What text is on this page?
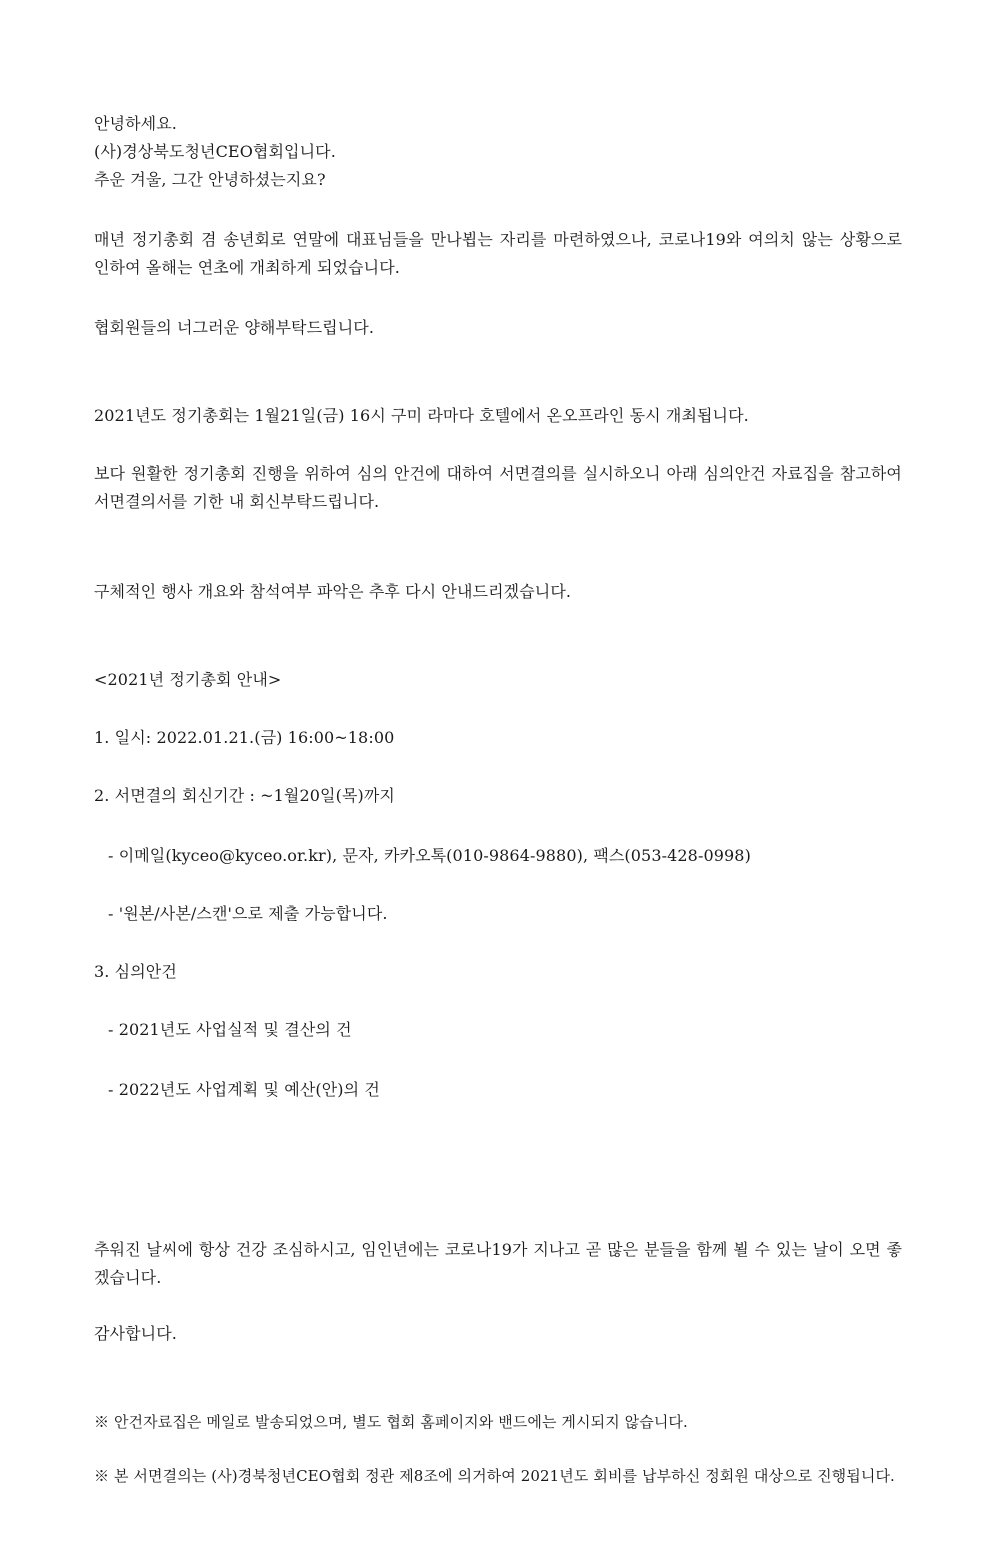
안녕하세요.
(사)경상북도청년CEO협회입니다.
추운 겨울, 그간 안녕하셨는지요?
매년 정기총회 겸 송년회로 연말에 대표님들을 만나뵙는 자리를 마련하였으나, 코로나19와 여의치 않는 상황으로 인하여 올해는 연초에 개최하게 되었습니다.
협회원들의 너그러운 양해부탁드립니다.
2021년도 정기총회는 1월21일(금) 16시 구미 라마다 호텔에서 온오프라인 동시 개최됩니다.
보다 원활한 정기총회 진행을 위하여 심의 안건에 대하여 서면결의를 실시하오니 아래 심의안건 자료집을 참고하여 서면결의서를 기한 내 회신부탁드립니다.
구체적인 행사 개요와 참석여부 파악은 추후 다시 안내드리겠습니다.
<2021년 정기총회 안내>
1. 일시: 2022.01.21.(금) 16:00~18:00
2. 서면결의 회신기간 : ~1월20일(목)까지
- 이메일(kyceo@kyceo.or.kr), 문자, 카카오톡(010-9864-9880), 팩스(053-428-0998)
- '원본/사본/스캔'으로 제출 가능합니다.
3. 심의안건
- 2021년도 사업실적 및 결산의 건
- 2022년도 사업계획 및 예산(안)의 건
추워진 날씨에 항상 건강 조심하시고, 임인년에는 코로나19가 지나고 곧 많은 분들을 함께 뵐 수 있는 날이 오면 좋겠습니다.
감사합니다.
※ 안건자료집은 메일로 발송되었으며, 별도 협회 홈페이지와 밴드에는 게시되지 않습니다.
※ 본 서면결의는 (사)경북청년CEO협회 정관 제8조에 의거하여 2021년도 회비를 납부하신 정회원 대상으로 진행됩니다.
